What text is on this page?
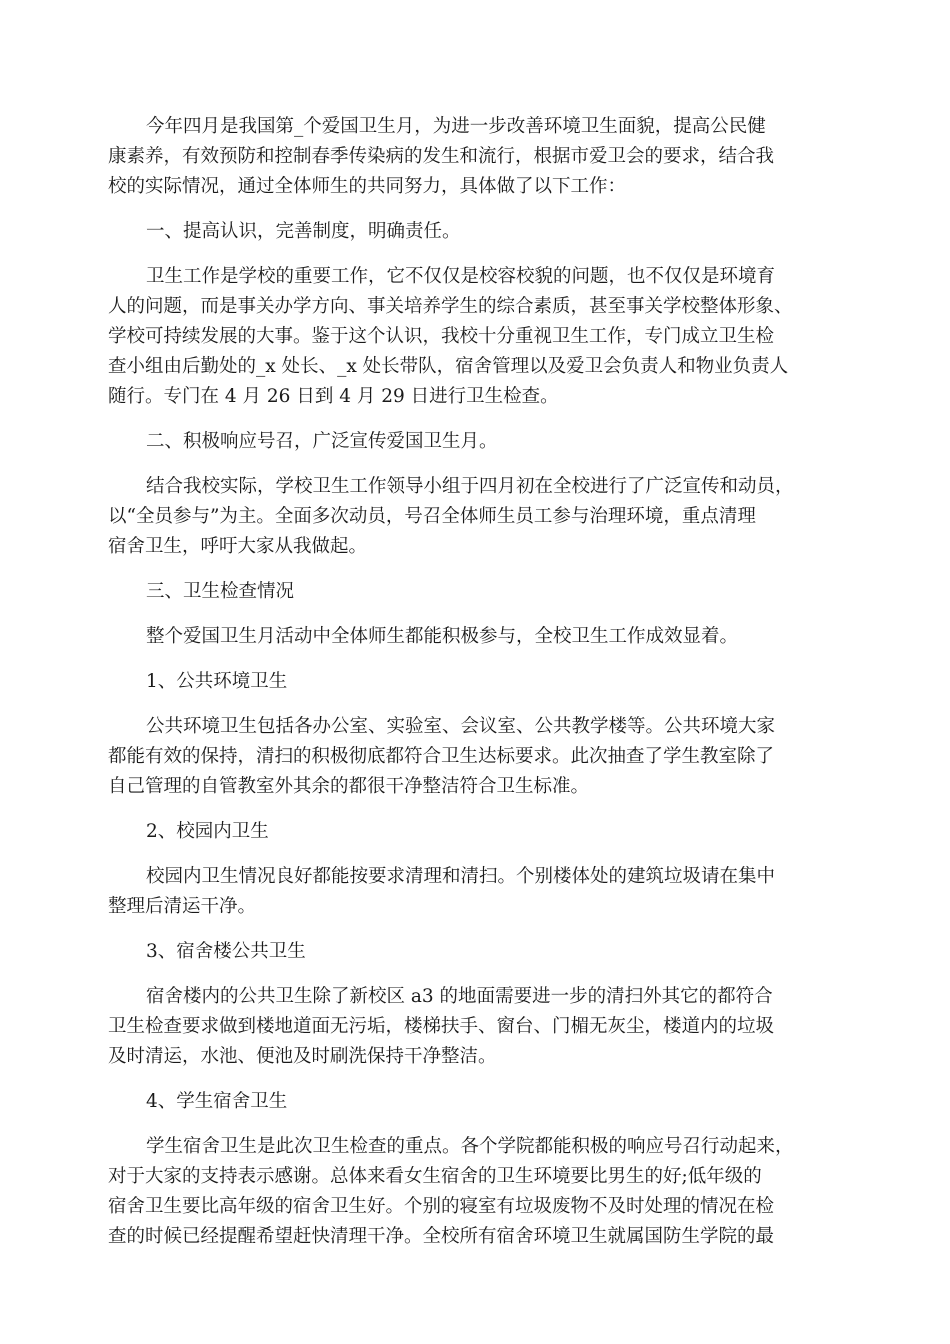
今年四月是我国第_个爱国卫生月，为进一步改善环境卫生面貌，提高公民健
康素养，有效预防和控制春季传染病的发生和流行，根据市爱卫会的要求，结合我
校的实际情况，通过全体师生的共同努力，具体做了以下工作：

一、提高认识，完善制度，明确责任。

卫生工作是学校的重要工作，它不仅仅是校容校貌的问题，也不仅仅是环境育
人的问题，而是事关办学方向、事关培养学生的综合素质，甚至事关学校整体形象、
学校可持续发展的大事。鉴于这个认识，我校十分重视卫生工作，专门成立卫生检
查小组由后勤处的_x 处长、_x 处长带队，宿舍管理以及爱卫会负责人和物业负责人
随行。专门在 4 月 26 日到 4 月 29 日进行卫生检查。

二、积极响应号召，广泛宣传爱国卫生月。

结合我校实际，学校卫生工作领导小组于四月初在全校进行了广泛宣传和动员，
以“全员参与”为主。全面多次动员，号召全体师生员工参与治理环境，重点清理
宿舍卫生，呼吁大家从我做起。

三、卫生检查情况

整个爱国卫生月活动中全体师生都能积极参与，全校卫生工作成效显着。

1、公共环境卫生

公共环境卫生包括各办公室、实验室、会议室、公共教学楼等。公共环境大家
都能有效的保持，清扫的积极彻底都符合卫生达标要求。此次抽查了学生教室除了
自己管理的自管教室外其余的都很干净整洁符合卫生标准。

2、校园内卫生

校园内卫生情况良好都能按要求清理和清扫。个别楼体处的建筑垃圾请在集中
整理后清运干净。

3、宿舍楼公共卫生

宿舍楼内的公共卫生除了新校区 a3 的地面需要进一步的清扫外其它的都符合
卫生检查要求做到楼地道面无污垢，楼梯扶手、窗台、门楣无灰尘，楼道内的垃圾
及时清运，水池、便池及时刷洗保持干净整洁。

4、学生宿舍卫生

学生宿舍卫生是此次卫生检查的重点。各个学院都能积极的响应号召行动起来，
对于大家的支持表示感谢。总体来看女生宿舍的卫生环境要比男生的好;低年级的
宿舍卫生要比高年级的宿舍卫生好。个别的寝室有垃圾废物不及时处理的情况在检
查的时候已经提醒希望赶快清理干净。全校所有宿舍环境卫生就属国防生学院的最
